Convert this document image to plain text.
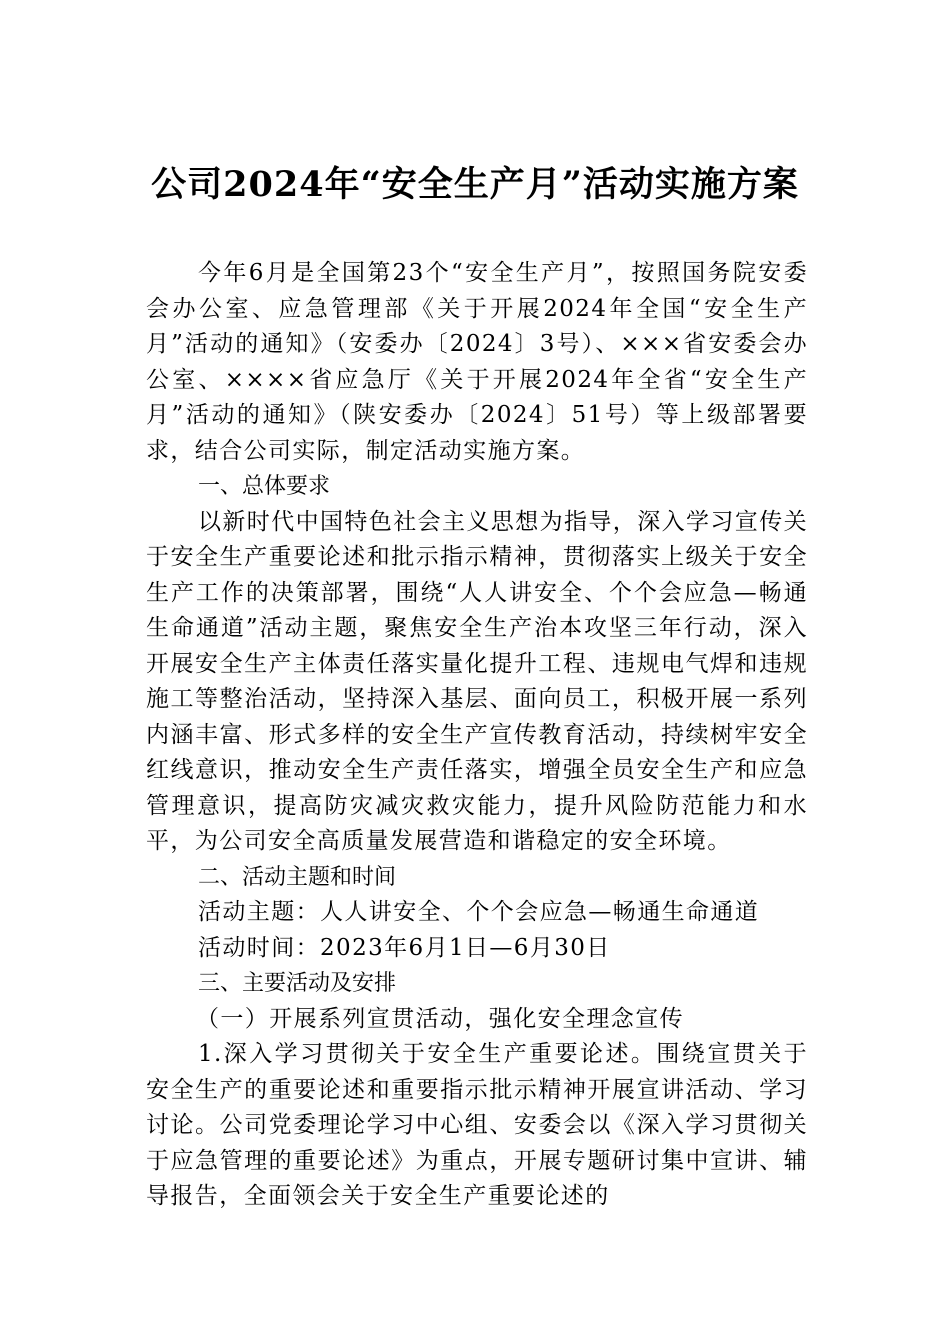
公司2024年“安全生产月”活动实施方案

今年6月是全国第23个“安全生产月”，按照国务院安委会办公室、应急管理部《关于开展2024年全国“安全生产月”活动的通知》（安委办〔2024〕3号）、×××省安委会办公室、××××省应急厅《关于开展2024年全省“安全生产月”活动的通知》（陕安委办〔2024〕51号）等上级部署要求，结合公司实际，制定活动实施方案。

一、总体要求

以新时代中国特色社会主义思想为指导，深入学习宣传关于安全生产重要论述和批示指示精神，贯彻落实上级关于安全生产工作的决策部署，围绕“人人讲安全、个个会应急—畅通生命通道”活动主题，聚焦安全生产治本攻坚三年行动，深入开展安全生产主体责任落实量化提升工程、违规电气焊和违规施工等整治活动，坚持深入基层、面向员工，积极开展一系列内涵丰富、形式多样的安全生产宣传教育活动，持续树牢安全红线意识，推动安全生产责任落实，增强全员安全生产和应急管理意识，提高防灾减灾救灾能力，提升风险防范能力和水平，为公司安全高质量发展营造和谐稳定的安全环境。

二、活动主题和时间

活动主题：人人讲安全、个个会应急—畅通生命通道

活动时间：2023年6月1日—6月30日

三、主要活动及安排

（一）开展系列宣贯活动，强化安全理念宣传

1.深入学习贯彻关于安全生产重要论述。围绕宣贯关于安全生产的重要论述和重要指示批示精神开展宣讲活动、学习讨论。公司党委理论学习中心组、安委会以《深入学习贯彻关于应急管理的重要论述》为重点，开展专题研讨集中宣讲、辅导报告，全面领会关于安全生产重要论述的
